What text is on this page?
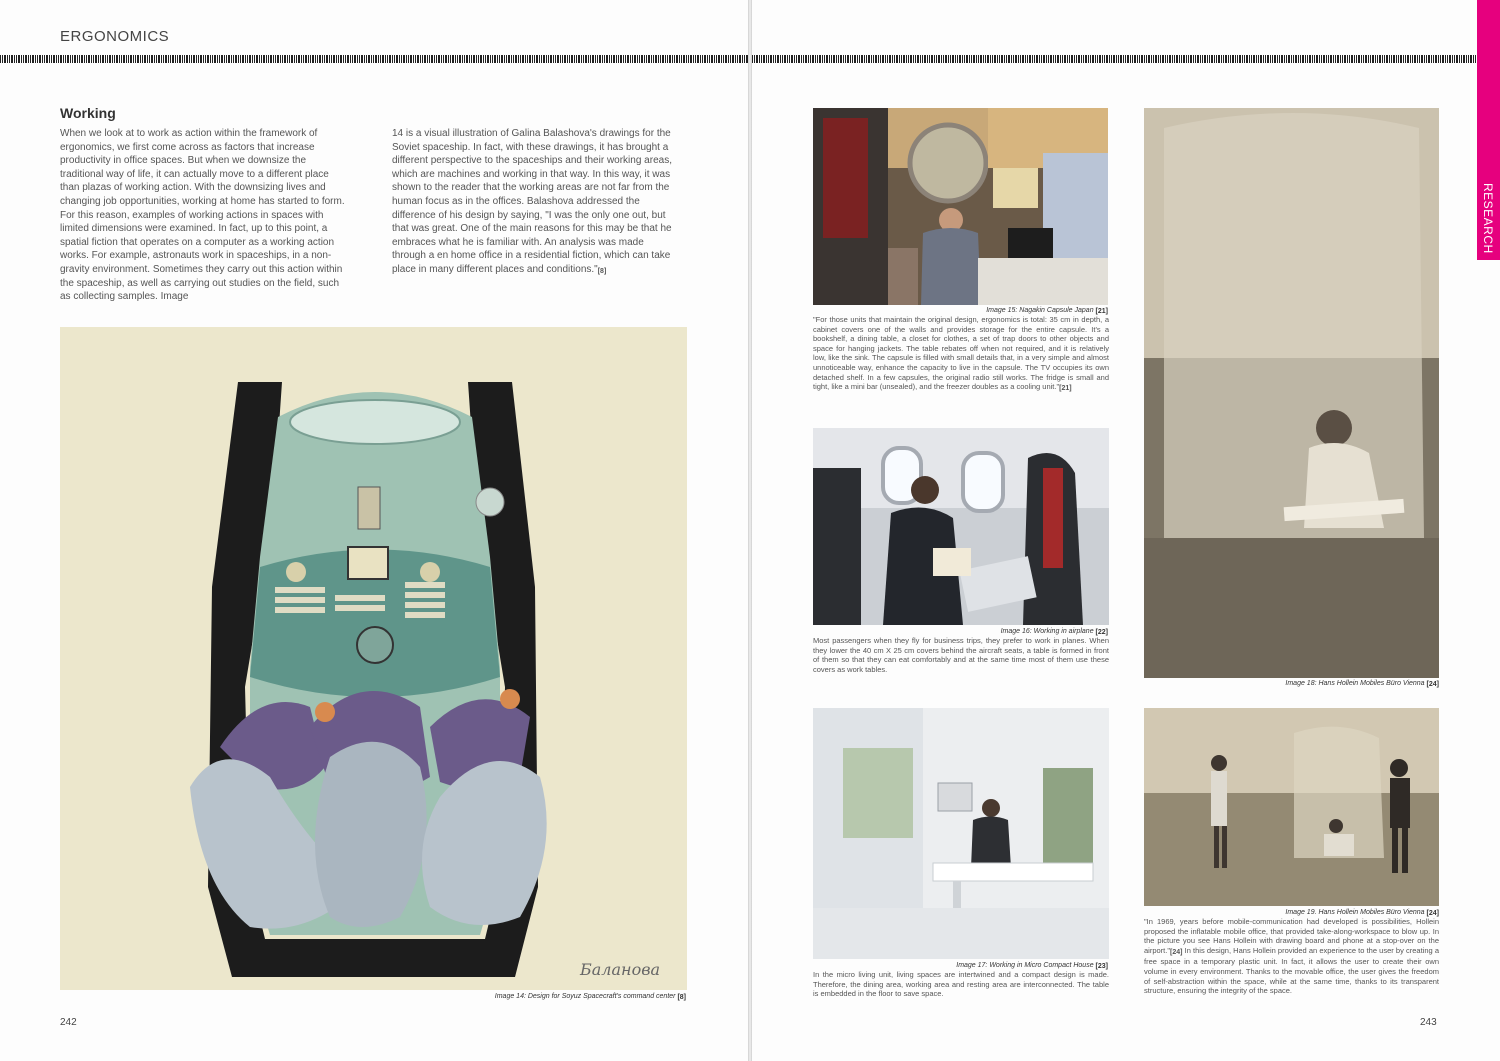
ERGONOMICS
Working

When we look at to work as action within the framework of ergonomics, we first come across as factors that increase productivity in office spaces. But when we downsize the traditional way of life, it can actually move to a different place than plazas of working action. With the downsizing lives and changing job opportunities, working at home has started to form. For this reason, examples of working actions in spaces with limited dimensions were examined. In fact, up to this point, a spatial fiction that operates on a computer as a working action works. For example, astronauts work in spaceships, in a non-gravity environment. Sometimes they carry out this action within the spaceship, as well as carrying out studies on the field, such as collecting samples. Image

14 is a visual illustration of Galina Balashova's drawings for the Soviet spaceship. In fact, with these drawings, it has brought a different perspective to the spaceships and their working areas, which are machines and working in that way. In this way, it was shown to the reader that the working areas are not far from the human focus as in the offices. Balashova addressed the difference of his design by saying, "I was the only one out, but that was great. One of the main reasons for this may be that he embraces what he is familiar with. An analysis was made through a en home office in a residential fiction, which can take place in many different places and conditions."[8]

Баланова
Image 14: Design for Soyuz Spacecraft's command center [8]
242
RESEARCH
Image 15: Nagakin Capsule Japan [21]

"For those units that maintain the original design, ergonomics is total: 35 cm in depth, a cabinet covers one of the walls and provides storage for the entire capsule. It's a bookshelf, a dining table, a closet for clothes, a set of trap doors to other objects and space for hanging jackets. The table rebates off when not required, and it is relatively low, like the sink. The capsule is filled with small details that, in a very simple and almost unnoticeable way, enhance the capacity to live in the capsule. The TV occupies its own detached shelf. In a few capsules, the original radio still works. The fridge is small and tight, like a mini bar (unsealed), and the freezer doubles as a cooling unit."[21]

Image 16: Working in airplane [22]

Most passengers when they fly for business trips, they prefer to work in planes. When they lower the 40 cm X 25 cm covers behind the aircraft seats, a table is formed in front of them so that they can eat comfortably and at the same time most of them use these covers as work tables.

Image 17: Working in Micro Compact House [23]

In the micro living unit, living spaces are intertwined and a compact design is made. Therefore, the dining area, working area and resting area are interconnected. The table is embedded in the floor to save space.

Image 18: Hans Hollein Mobiles Büro Vienna [24]
Image 19. Hans Hollein Mobiles Büro Vienna [24]

"In 1969, years before mobile-communication had developed is possibilities, Hollein proposed the inflatable mobile office, that provided take-along-workspace to blow up. In the picture you see Hans Hollein with drawing board and phone at a stop-over on the airport."[24] In this design, Hans Hollein provided an experience to the user by creating a free space in a temporary plastic unit. In fact, it allows the user to create their own volume in every environment. Thanks to the movable office, the user gives the freedom of self-abstraction within the space, while at the same time, thanks to its transparent structure, ensuring the integrity of the space.

243
